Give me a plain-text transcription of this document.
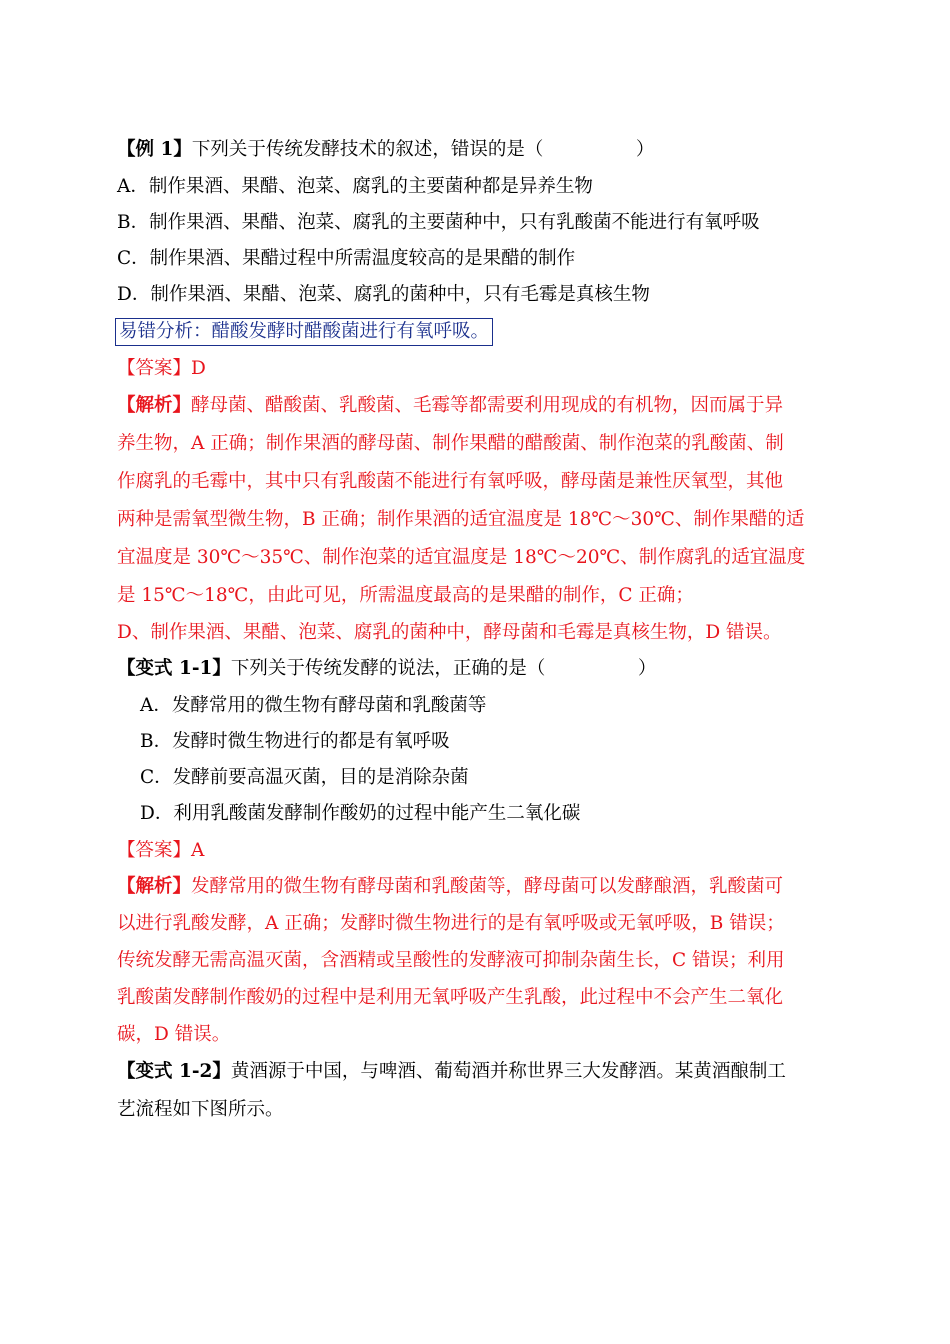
【例 1】下列关于传统发酵技术的叙述，错误的是（　　　　　）
A．制作果酒、果醋、泡菜、腐乳的主要菌种都是异养生物
B．制作果酒、果醋、泡菜、腐乳的主要菌种中，只有乳酸菌不能进行有氧呼吸
C．制作果酒、果醋过程中所需温度较高的是果醋的制作
D．制作果酒、果醋、泡菜、腐乳的菌种中，只有毛霉是真核生物
易错分析：醋酸发酵时醋酸菌进行有氧呼吸。
【答案】D
【解析】酵母菌、醋酸菌、乳酸菌、毛霉等都需要利用现成的有机物，因而属于异
养生物，A 正确；制作果酒的酵母菌、制作果醋的醋酸菌、制作泡菜的乳酸菌、制
作腐乳的毛霉中，其中只有乳酸菌不能进行有氧呼吸，酵母菌是兼性厌氧型，其他
两种是需氧型微生物，B 正确；制作果酒的适宜温度是 18℃～30℃、制作果醋的适
宜温度是 30℃～35℃、制作泡菜的适宜温度是 18℃～20℃、制作腐乳的适宜温度
是 15℃～18℃，由此可见，所需温度最高的是果醋的制作，C 正确；
D、制作果酒、果醋、泡菜、腐乳的菌种中，酵母菌和毛霉是真核生物，D 错误。
【变式 1-1】下列关于传统发酵的说法，正确的是（　　　　　）
A．发酵常用的微生物有酵母菌和乳酸菌等
B．发酵时微生物进行的都是有氧呼吸
C．发酵前要高温灭菌，目的是消除杂菌
D．利用乳酸菌发酵制作酸奶的过程中能产生二氧化碳
【答案】A
【解析】发酵常用的微生物有酵母菌和乳酸菌等，酵母菌可以发酵酿酒，乳酸菌可
以进行乳酸发酵，A 正确；发酵时微生物进行的是有氧呼吸或无氧呼吸，B 错误；
传统发酵无需高温灭菌，含酒精或呈酸性的发酵液可抑制杂菌生长，C 错误；利用
乳酸菌发酵制作酸奶的过程中是利用无氧呼吸产生乳酸，此过程中不会产生二氧化
碳，D 错误。
【变式 1-2】黄酒源于中国，与啤酒、葡萄酒并称世界三大发酵酒。某黄酒酿制工
艺流程如下图所示。
